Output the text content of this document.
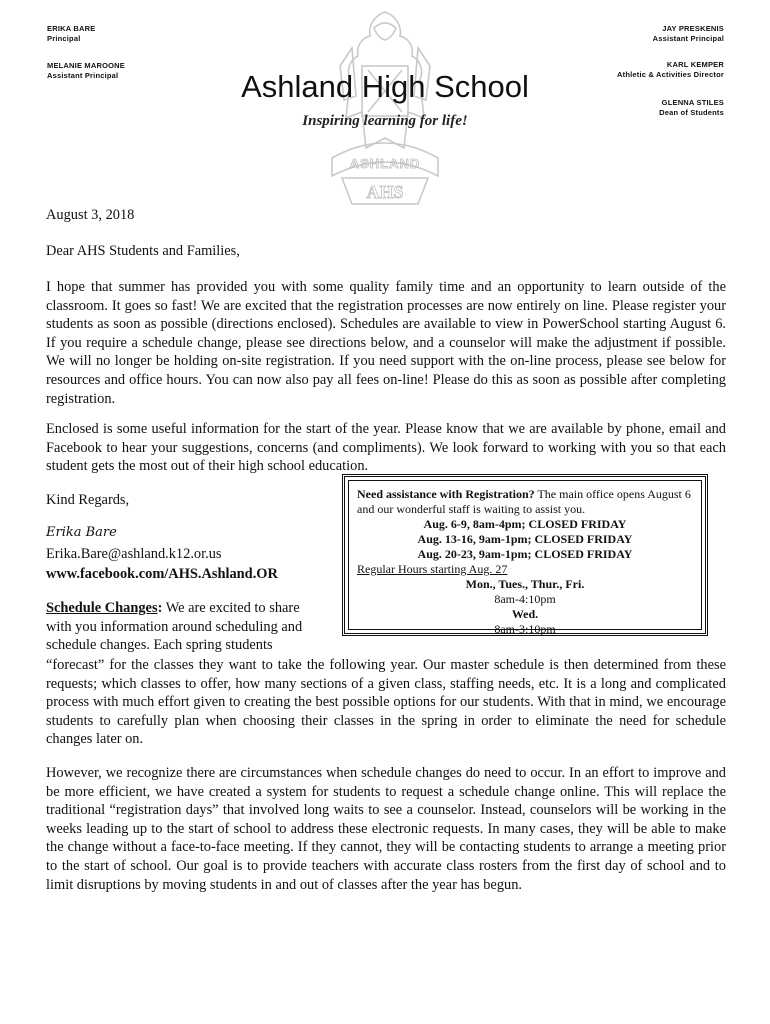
ERIKA BARE
Principal
MELANIE MAROONE
Assistant Principal
JAY PRESKENIS
Assistant Principal
KARL KEMPER
Athletic & Activities Director
GLENNA STILES
Dean of Students
ASHLAND
AHS
Ashland High School
Inspiring learning for life!
August 3, 2018
Dear AHS Students and Families,
I hope that summer has provided you with some quality family time and an opportunity to learn outside of the classroom. It goes so fast! We are excited that the registration processes are now entirely on line. Please register your students as soon as possible (directions enclosed). Schedules are available to view in PowerSchool starting August 6. If you require a schedule change, please see directions below, and a counselor will make the adjustment if possible. We will no longer be holding on-site registration. If you need support with the on-line process, please see below for resources and office hours. You can now also pay all fees on-line! Please do this as soon as possible after completing registration.
Enclosed is some useful information for the start of the year. Please know that we are available by phone, email and Facebook to hear your suggestions, concerns (and compliments). We look forward to working with you so that each student gets the most out of their high school education.
Kind Regards,
Erika Bare
Erika.Bare@ashland.k12.or.us
www.facebook.com/AHS.Ashland.OR
Schedule Changes: We are excited to share with you information around scheduling and schedule changes. Each spring students
“forecast” for the classes they want to take the following year. Our master schedule is then determined from these requests; which classes to offer, how many sections of a given class, staffing needs, etc. It is a long and complicated process with much effort given to creating the best possible options for our students. With that in mind, we encourage students to carefully plan when choosing their classes in the spring in order to eliminate the need for schedule changes later on.
However, we recognize there are circumstances when schedule changes do need to occur. In an effort to improve and be more efficient, we have created a system for students to request a schedule change online. This will replace the traditional “registration days” that involved long waits to see a counselor. Instead, counselors will be working in the weeks leading up to the start of school to address these electronic requests. In many cases, they will be able to make the change without a face-to-face meeting. If they cannot, they will be contacting students to arrange a meeting prior to the start of school. Our goal is to provide teachers with accurate class rosters from the first day of school and to limit disruptions by moving students in and out of classes after the year has begun.
Need assistance with Registration? The main office opens August 6 and our wonderful staff is waiting to assist you.
Aug. 6-9, 8am-4pm; CLOSED FRIDAY
Aug. 13-16, 9am-1pm; CLOSED FRIDAY
Aug. 20-23, 9am-1pm; CLOSED FRIDAY
Regular Hours starting Aug. 27
Mon., Tues., Thur., Fri.
8am-4:10pm
Wed.
8am-3:10pm
